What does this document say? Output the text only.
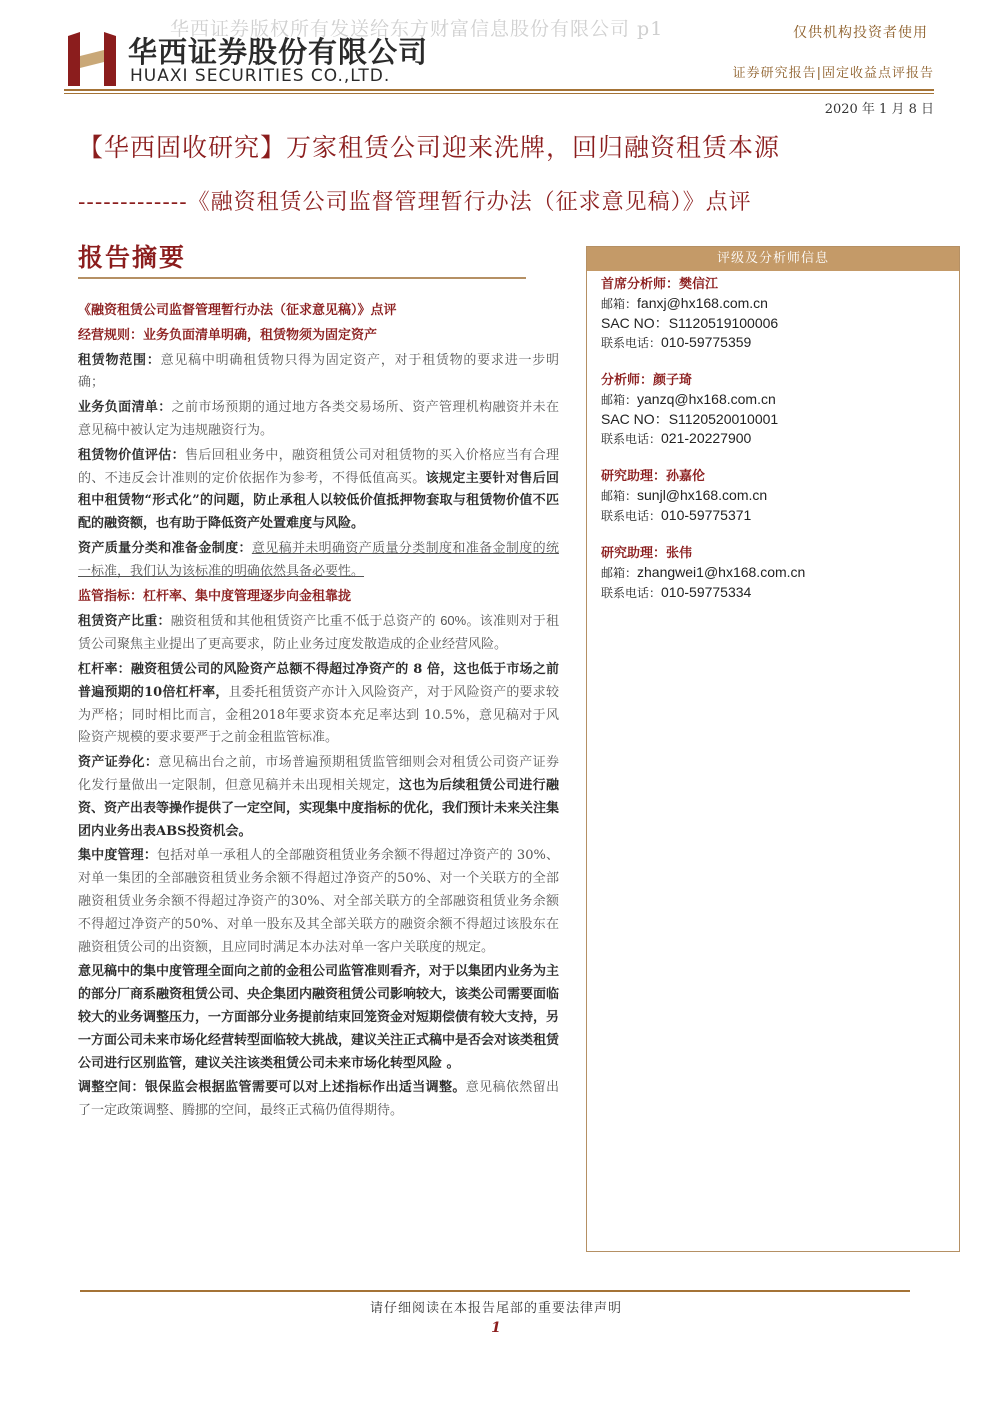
华西证券版权所有发送给东方财富信息股份有限公司 p1
华西证券股份有限公司
HUAXI SECURITIES CO.,LTD.
仅供机构投资者使用
证券研究报告|固定收益点评报告
2020 年 1 月 8 日
【华西固收研究】万家租赁公司迎来洗牌，回归融资租赁本源
-------------《融资租赁公司监督管理暂行办法（征求意见稿）》点评
报告摘要

《融资租赁公司监督管理暂行办法（征求意见稿）》点评

经营规则：业务负面清单明确，租赁物须为固定资产

租赁物范围：意见稿中明确租赁物只得为固定资产，对于租赁物的要求进一步明确；

业务负面清单：之前市场预期的通过地方各类交易场所、资产管理机构融资并未在意见稿中被认定为违规融资行为。

租赁物价值评估：售后回租业务中，融资租赁公司对租赁物的买入价格应当有合理的、不违反会计准则的定价依据作为参考，不得低值高买。该规定主要针对售后回租中租赁物“形式化”的问题，防止承租人以较低价值抵押物套取与租赁物价值不匹配的融资额，也有助于降低资产处置难度与风险。

资产质量分类和准备金制度：意见稿并未明确资产质量分类制度和准备金制度的统一标准，我们认为该标准的明确依然具备必要性。

监管指标：杠杆率、集中度管理逐步向金租靠拢

租赁资产比重：融资租赁和其他租赁资产比重不低于总资产的 60%。该准则对于租赁公司聚焦主业提出了更高要求，防止业务过度发散造成的企业经营风险。

杠杆率：融资租赁公司的风险资产总额不得超过净资产的 8 倍，这也低于市场之前普遍预期的10倍杠杆率，且委托租赁资产亦计入风险资产，对于风险资产的要求较为严格；同时相比而言，金租2018年要求资本充足率达到 10.5%，意见稿对于风险资产规模的要求要严于之前金租监管标准。

资产证券化：意见稿出台之前，市场普遍预期租赁监管细则会对租赁公司资产证券化发行量做出一定限制，但意见稿并未出现相关规定，这也为后续租赁公司进行融资、资产出表等操作提供了一定空间，实现集中度指标的优化，我们预计未来关注集团内业务出表ABS投资机会。

集中度管理：包括对单一承租人的全部融资租赁业务余额不得超过净资产的 30%、对单一集团的全部融资租赁业务余额不得超过净资产的50%、对一个关联方的全部融资租赁业务余额不得超过净资产的30%、对全部关联方的全部融资租赁业务余额不得超过净资产的50%、对单一股东及其全部关联方的融资余额不得超过该股东在融资租赁公司的出资额，且应同时满足本办法对单一客户关联度的规定。

意见稿中的集中度管理全面向之前的金租公司监管准则看齐，对于以集团内业务为主的部分厂商系融资租赁公司、央企集团内融资租赁公司影响较大，该类公司需要面临较大的业务调整压力，一方面部分业务提前结束回笼资金对短期偿债有较大支持，另一方面公司未来市场化经营转型面临较大挑战，建议关注正式稿中是否会对该类租赁公司进行区别监管，建议关注该类租赁公司未来市场化转型风险 。

调整空间：银保监会根据监管需要可以对上述指标作出适当调整。意见稿依然留出了一定政策调整、腾挪的空间，最终正式稿仍值得期待。

评级及分析师信息
首席分析师：樊信江
邮箱：fanxj@hx168.com.cn
SAC NO：S1120519100006
联系电话：010-59775359
分析师：颜子琦
邮箱：yanzq@hx168.com.cn
SAC NO：S1120520010001
联系电话：021-20227900
研究助理：孙嘉伦
邮箱：sunjl@hx168.com.cn
联系电话：010-59775371
研究助理：张伟
邮箱：zhangwei1@hx168.com.cn
联系电话：010-59775334
请仔细阅读在本报告尾部的重要法律声明
1
